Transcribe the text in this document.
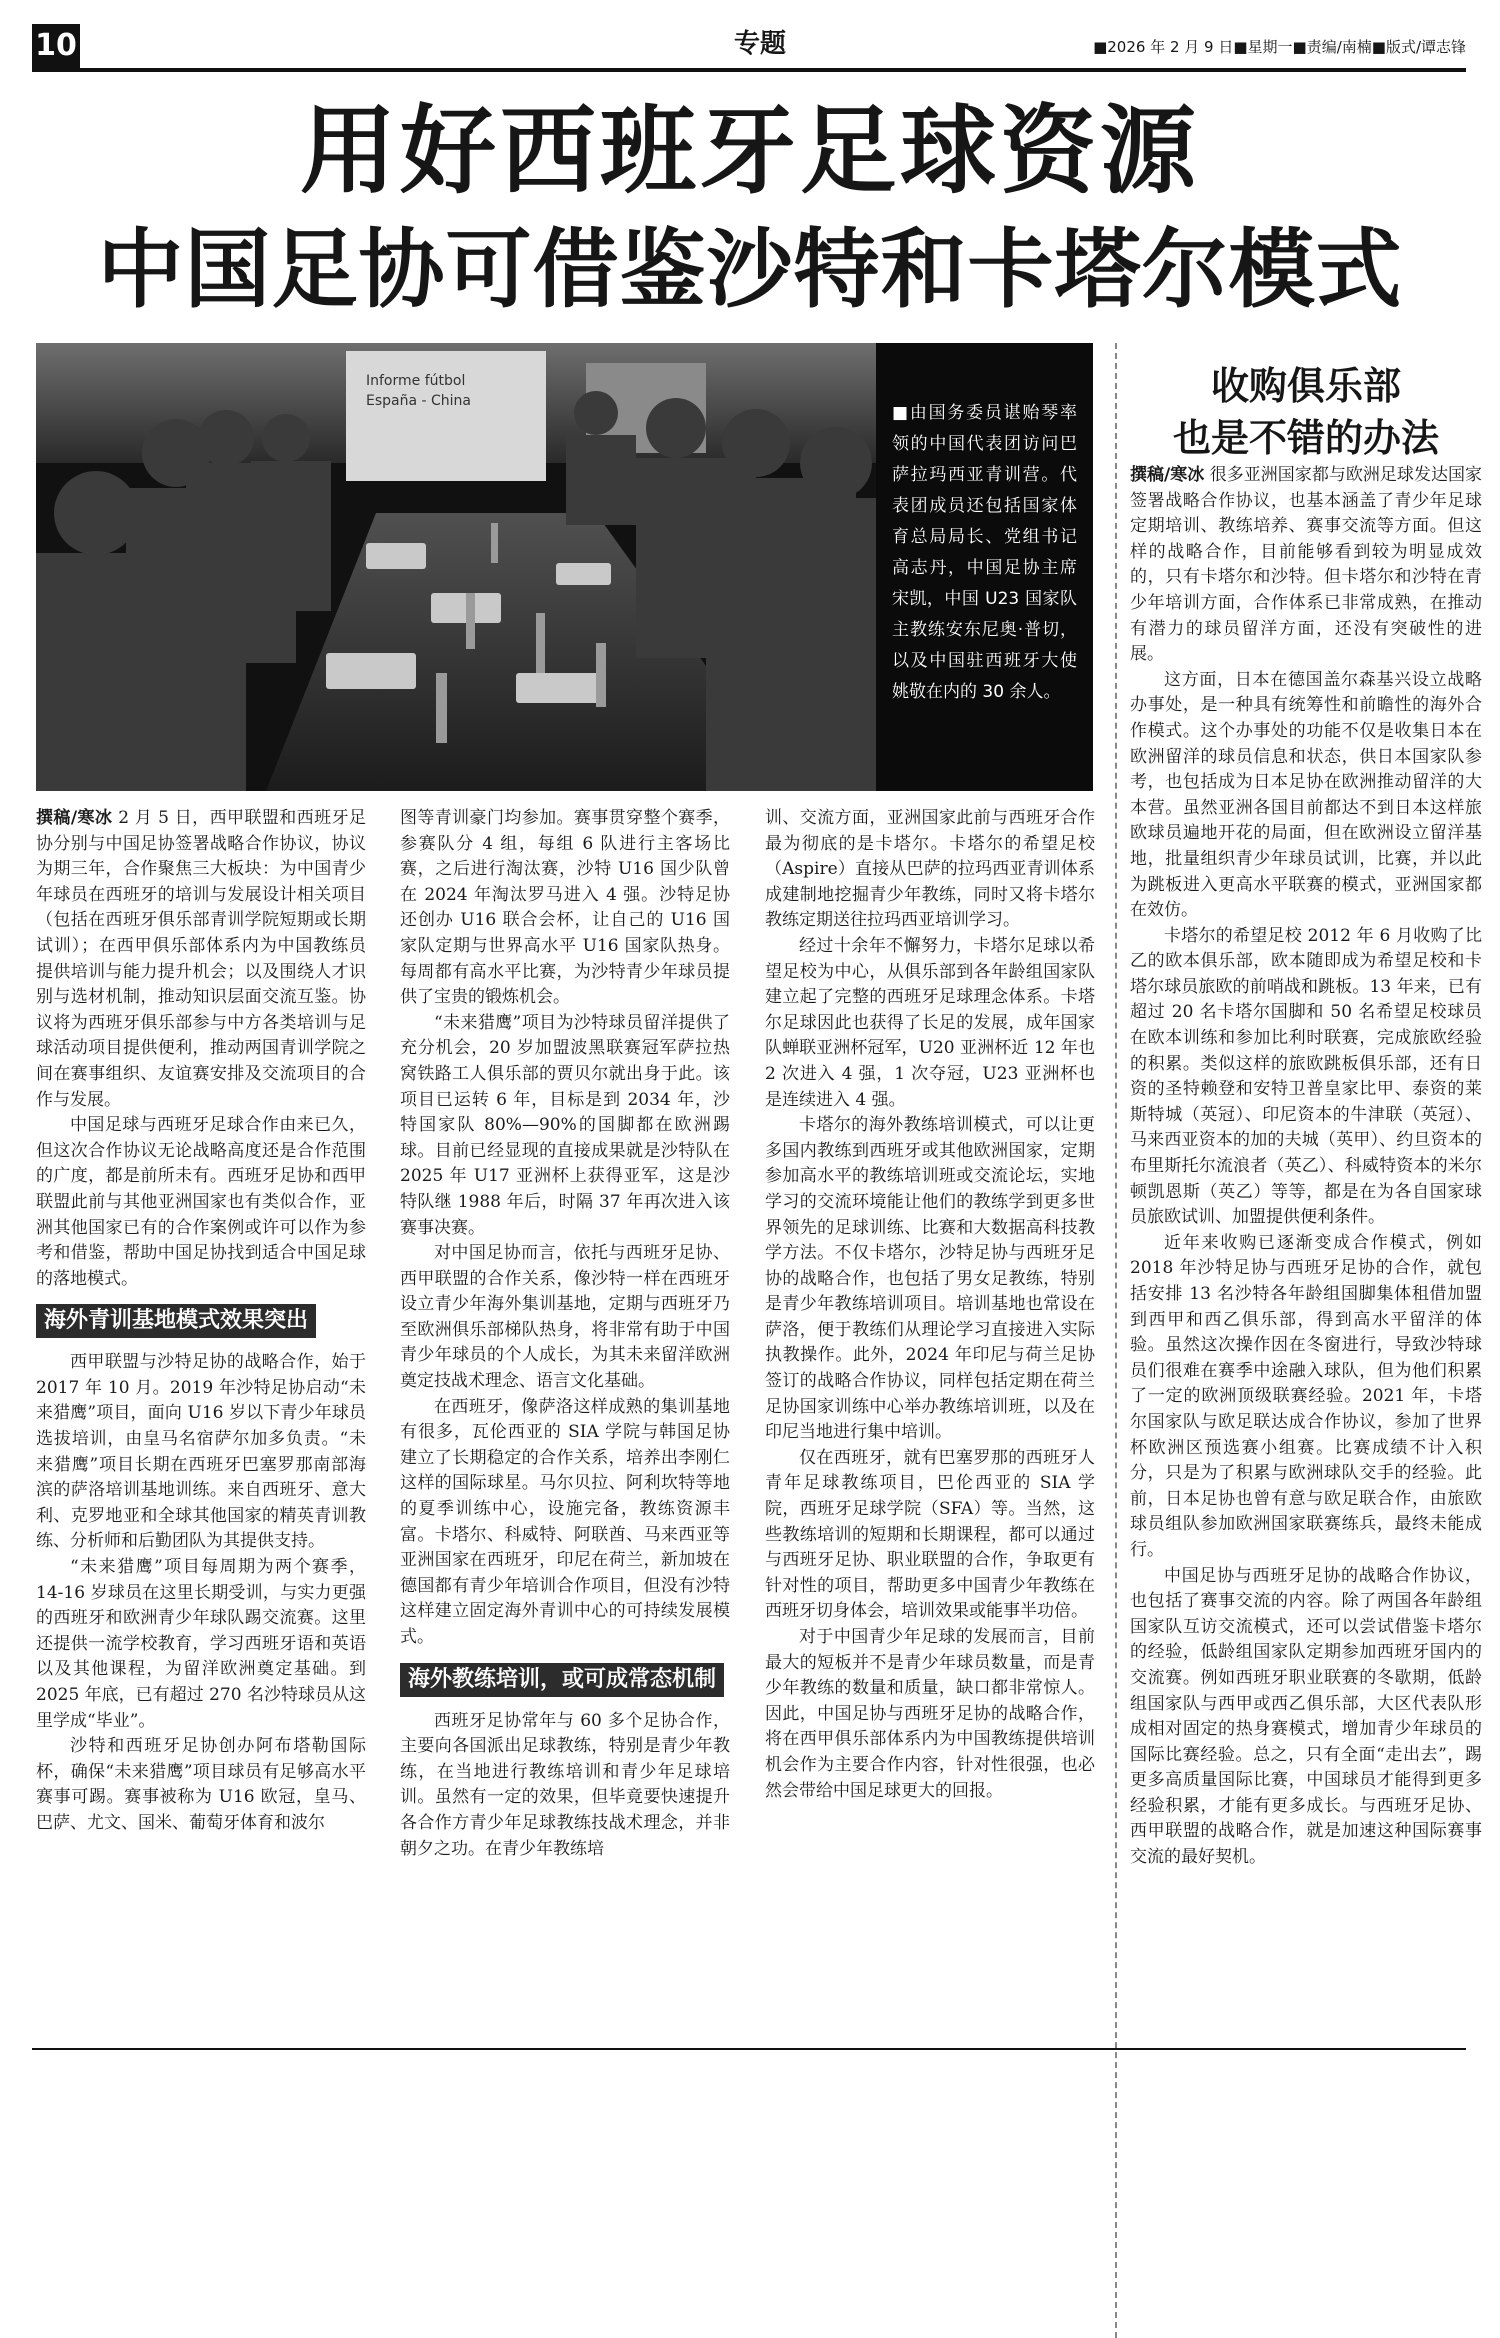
10	专题	■2026 年 2 月 9 日■星期一■责编/南楠■版式/谭志锋
用好西班牙足球资源
中国足协可借鉴沙特和卡塔尔模式
Informe fútbol
España - China
■由国务委员谌贻琴率领的中国代表团访问巴萨拉玛西亚青训营。代表团成员还包括国家体育总局局长、党组书记高志丹，中国足协主席宋凯，中国 U23 国家队主教练安东尼奥·普切，以及中国驻西班牙大使姚敬在内的 30 余人。
收购俱乐部
也是不错的办法

撰稿/寒冰 2 月 5 日，西甲联盟和西班牙足协分别与中国足协签署战略合作协议，协议为期三年，合作聚焦三大板块：为中国青少年球员在西班牙的培训与发展设计相关项目（包括在西班牙俱乐部青训学院短期或长期试训）；在西甲俱乐部体系内为中国教练员提供培训与能力提升机会；以及围绕人才识别与选材机制，推动知识层面交流互鉴。协议将为西班牙俱乐部参与中方各类培训与足球活动项目提供便利，推动两国青训学院之间在赛事组织、友谊赛安排及交流项目的合作与发展。

中国足球与西班牙足球合作由来已久，但这次合作协议无论战略高度还是合作范围的广度，都是前所未有。西班牙足协和西甲联盟此前与其他亚洲国家也有类似合作，亚洲其他国家已有的合作案例或许可以作为参考和借鉴，帮助中国足协找到适合中国足球的落地模式。

海外青训基地模式效果突出

西甲联盟与沙特足协的战略合作，始于 2017 年 10 月。2019 年沙特足协启动“未来猎鹰”项目，面向 U16 岁以下青少年球员选拔培训，由皇马名宿萨尔加多负责。“未来猎鹰”项目长期在西班牙巴塞罗那南部海滨的萨洛培训基地训练。来自西班牙、意大利、克罗地亚和全球其他国家的精英青训教练、分析师和后勤团队为其提供支持。

“未来猎鹰”项目每周期为两个赛季，14-16 岁球员在这里长期受训，与实力更强的西班牙和欧洲青少年球队踢交流赛。这里还提供一流学校教育，学习西班牙语和英语以及其他课程，为留洋欧洲奠定基础。到 2025 年底，已有超过 270 名沙特球员从这里学成“毕业”。

沙特和西班牙足协创办阿布塔勒国际杯，确保“未来猎鹰”项目球员有足够高水平赛事可踢。赛事被称为 U16 欧冠，皇马、巴萨、尤文、国米、葡萄牙体育和波尔

图等青训豪门均参加。赛事贯穿整个赛季，参赛队分 4 组，每组 6 队进行主客场比赛，之后进行淘汰赛，沙特 U16 国少队曾在 2024 年淘汰罗马进入 4 强。沙特足协还创办 U16 联合会杯，让自己的 U16 国家队定期与世界高水平 U16 国家队热身。每周都有高水平比赛，为沙特青少年球员提供了宝贵的锻炼机会。

“未来猎鹰”项目为沙特球员留洋提供了充分机会，20 岁加盟波黑联赛冠军萨拉热窝铁路工人俱乐部的贾贝尔就出身于此。该项目已运转 6 年，目标是到 2034 年，沙特国家队 80%—90%的国脚都在欧洲踢球。目前已经显现的直接成果就是沙特队在 2025 年 U17 亚洲杯上获得亚军，这是沙特队继 1988 年后，时隔 37 年再次进入该赛事决赛。

对中国足协而言，依托与西班牙足协、西甲联盟的合作关系，像沙特一样在西班牙设立青少年海外集训基地，定期与西班牙乃至欧洲俱乐部梯队热身，将非常有助于中国青少年球员的个人成长，为其未来留洋欧洲奠定技战术理念、语言文化基础。

在西班牙，像萨洛这样成熟的集训基地有很多，瓦伦西亚的 SIA 学院与韩国足协建立了长期稳定的合作关系，培养出李刚仁这样的国际球星。马尔贝拉、阿利坎特等地的夏季训练中心，设施完备，教练资源丰富。卡塔尔、科威特、阿联酋、马来西亚等亚洲国家在西班牙，印尼在荷兰，新加坡在德国都有青少年培训合作项目，但没有沙特这样建立固定海外青训中心的可持续发展模式。

海外教练培训，或可成常态机制

西班牙足协常年与 60 多个足协合作，主要向各国派出足球教练，特别是青少年教练，在当地进行教练培训和青少年足球培训。虽然有一定的效果，但毕竟要快速提升各合作方青少年足球教练技战术理念，并非朝夕之功。在青少年教练培

训、交流方面，亚洲国家此前与西班牙合作最为彻底的是卡塔尔。卡塔尔的希望足校（Aspire）直接从巴萨的拉玛西亚青训体系成建制地挖掘青少年教练，同时又将卡塔尔教练定期送往拉玛西亚培训学习。

经过十余年不懈努力，卡塔尔足球以希望足校为中心，从俱乐部到各年龄组国家队建立起了完整的西班牙足球理念体系。卡塔尔足球因此也获得了长足的发展，成年国家队蝉联亚洲杯冠军，U20 亚洲杯近 12 年也 2 次进入 4 强，1 次夺冠，U23 亚洲杯也是连续进入 4 强。

卡塔尔的海外教练培训模式，可以让更多国内教练到西班牙或其他欧洲国家，定期参加高水平的教练培训班或交流论坛，实地学习的交流环境能让他们的教练学到更多世界领先的足球训练、比赛和大数据高科技教学方法。不仅卡塔尔，沙特足协与西班牙足协的战略合作，也包括了男女足教练，特别是青少年教练培训项目。培训基地也常设在萨洛，便于教练们从理论学习直接进入实际执教操作。此外，2024 年印尼与荷兰足协签订的战略合作协议，同样包括定期在荷兰足协国家训练中心举办教练培训班，以及在印尼当地进行集中培训。

仅在西班牙，就有巴塞罗那的西班牙人青年足球教练项目，巴伦西亚的 SIA 学院，西班牙足球学院（SFA）等。当然，这些教练培训的短期和长期课程，都可以通过与西班牙足协、职业联盟的合作，争取更有针对性的项目，帮助更多中国青少年教练在西班牙切身体会，培训效果或能事半功倍。

对于中国青少年足球的发展而言，目前最大的短板并不是青少年球员数量，而是青少年教练的数量和质量，缺口都非常惊人。因此，中国足协与西班牙足协的战略合作，将在西甲俱乐部体系内为中国教练提供培训机会作为主要合作内容，针对性很强，也必然会带给中国足球更大的回报。

撰稿/寒冰 很多亚洲国家都与欧洲足球发达国家签署战略合作协议，也基本涵盖了青少年足球定期培训、教练培养、赛事交流等方面。但这样的战略合作，目前能够看到较为明显成效的，只有卡塔尔和沙特。但卡塔尔和沙特在青少年培训方面，合作体系已非常成熟，在推动有潜力的球员留洋方面，还没有突破性的进展。

这方面，日本在德国盖尔森基兴设立战略办事处，是一种具有统筹性和前瞻性的海外合作模式。这个办事处的功能不仅是收集日本在欧洲留洋的球员信息和状态，供日本国家队参考，也包括成为日本足协在欧洲推动留洋的大本营。虽然亚洲各国目前都达不到日本这样旅欧球员遍地开花的局面，但在欧洲设立留洋基地，批量组织青少年球员试训，比赛，并以此为跳板进入更高水平联赛的模式，亚洲国家都在效仿。

卡塔尔的希望足校 2012 年 6 月收购了比乙的欧本俱乐部，欧本随即成为希望足校和卡塔尔球员旅欧的前哨战和跳板。13 年来，已有超过 20 名卡塔尔国脚和 50 名希望足校球员在欧本训练和参加比利时联赛，完成旅欧经验的积累。类似这样的旅欧跳板俱乐部，还有日资的圣特赖登和安特卫普皇家比甲、泰资的莱斯特城（英冠）、印尼资本的牛津联（英冠）、马来西亚资本的加的夫城（英甲）、约旦资本的布里斯托尔流浪者（英乙）、科威特资本的米尔顿凯恩斯（英乙）等等，都是在为各自国家球员旅欧试训、加盟提供便利条件。

近年来收购已逐渐变成合作模式，例如 2018 年沙特足协与西班牙足协的合作，就包括安排 13 名沙特各年龄组国脚集体租借加盟到西甲和西乙俱乐部，得到高水平留洋的体验。虽然这次操作因在冬窗进行，导致沙特球员们很难在赛季中途融入球队，但为他们积累了一定的欧洲顶级联赛经验。2021 年，卡塔尔国家队与欧足联达成合作协议，参加了世界杯欧洲区预选赛小组赛。比赛成绩不计入积分，只是为了积累与欧洲球队交手的经验。此前，日本足协也曾有意与欧足联合作，由旅欧球员组队参加欧洲国家联赛练兵，最终未能成行。

中国足协与西班牙足协的战略合作协议，也包括了赛事交流的内容。除了两国各年龄组国家队互访交流模式，还可以尝试借鉴卡塔尔的经验，低龄组国家队定期参加西班牙国内的交流赛。例如西班牙职业联赛的冬歇期，低龄组国家队与西甲或西乙俱乐部，大区代表队形成相对固定的热身赛模式，增加青少年球员的国际比赛经验。总之，只有全面“走出去”，踢更多高质量国际比赛，中国球员才能得到更多经验积累，才能有更多成长。与西班牙足协、西甲联盟的战略合作，就是加速这种国际赛事交流的最好契机。
